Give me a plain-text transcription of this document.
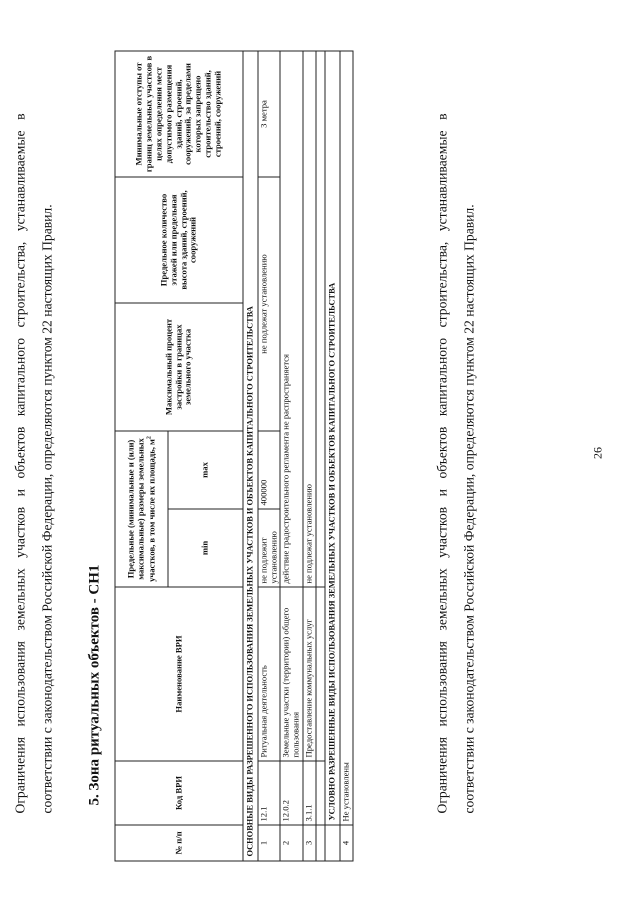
26

Ограничения использования земельных участков и объектов капитального строительства, устанавливаемые в соответствии с законодательством Российской Федерации, определяются пунктом 22 настоящих Правил.	5. Зона ритуальных объектов - СН1
№ п/п	Код ВРИ	Наименование ВРИ	Предельные (минимальные и (или) максимальные) размеры земельных участков, в том числе их площадь, $м^2$		Максимальный процент застройки в границах земельного участка	Предельное количество этажей или предельная высота зданий, строений, сооружений	Минимальные отступы от границ земельных участков в целях определения мест допустимого размещения зданий, строений, сооружений, за пределами которых запрещено строительство зданий, строений, сооружений
			min	max			
ОСНОВНЫЕ ВИДЫ РАЗРЕШЕННОГО ИСПОЛЬЗОВАНИЯ ЗЕМЕЛЬНЫХ УЧАСТКОВ И ОБЪЕКТОВ КАПИТАЛЬНОГО СТРОИТЕЛЬСТВА							
1	12.1	Ритуальная деятельность	не подлежит установлению	400000	не подлежат установлению		3 метра
2	12.0.2	Земельные участки (территории) общего пользования	действие градостроительного регламента не распространяется				
3	3.1.1	Предоставление коммунальных услуг	не подлежат установлению				

	УСЛОВНО РАЗРЕШЕННЫЕ ВИДЫ ИСПОЛЬЗОВАНИЯ ЗЕМЕЛЬНЫХ УЧАСТКОВ И ОБЪЕКТОВ КАПИТАЛЬНОГО СТРОИТЕЛЬСТВА						
4	Не установлены							Ограничения использования земельных участков и объектов капитального строительства, устанавливаемые в соответствии с законодательством Российской Федерации, определяются пунктом 22 настоящих Правил.
